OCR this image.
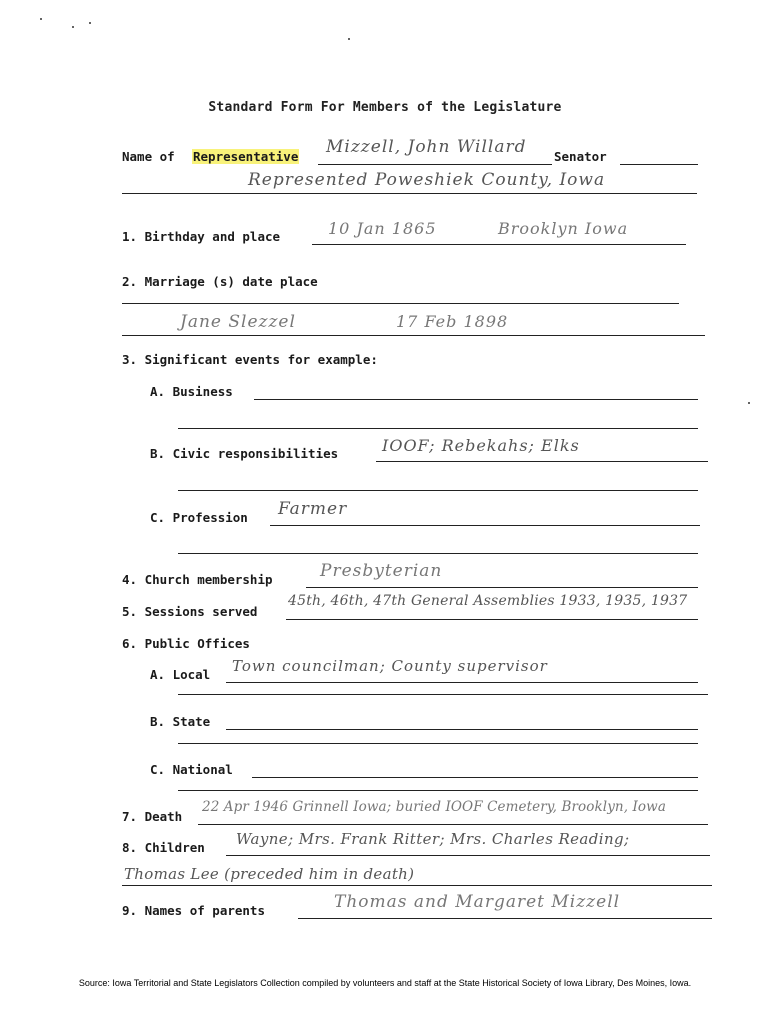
Standard Form For Members of the Legislature
Name of Representative Mizzell, John Willard Senator
Represented Poweshiek County, Iowa
1. Birthday and place	10 Jan 1865	Brooklyn Iowa
2. Marriage (s) date place
Jane Slezzel	17 Feb 1898
3. Significant events for example:
A. Business
B. Civic responsibilities	IOOF; Rebekahs; Elks
C. Profession Farmer
4. Church membership	Presbyterian
5. Sessions served
45th, 46th, 47th General Assemblies 1933, 1935, 1937
6. Public Offices
A. Local Town councilman; County supervisor
B. State
C. National
7. Death
22 Apr 1946 Grinnell Iowa; buried IOOF Cemetery, Brooklyn, Iowa
8. Children Wayne; Mrs. Frank Ritter; Mrs. Charles Reading;
Thomas Lee (preceded him in death)
9. Names of parents	Thomas and Margaret Mizzell
Source: Iowa Territorial and State Legislators Collection compiled by volunteers and staff at the State Historical Society of Iowa Library, Des Moines, Iowa.
